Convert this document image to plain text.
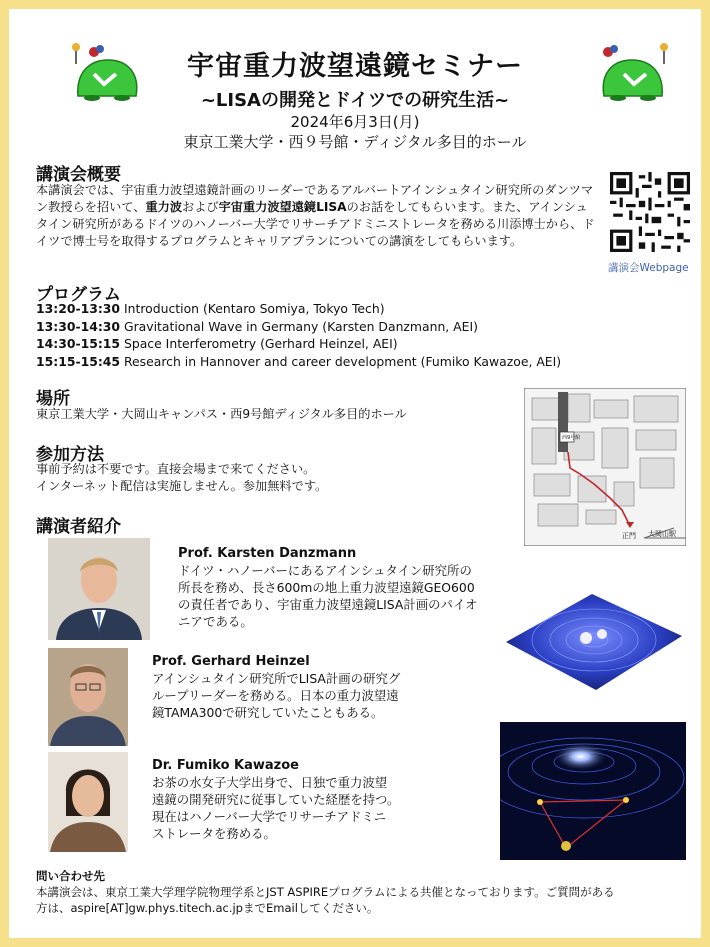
宇宙重力波望遠鏡セミナー
~LISAの開発とドイツでの研究生活~
2024年6月3日(月)
東京工業大学・西９号館・ディジタル多目的ホール
講演会概要
本講演会では、宇宙重力波望遠鏡計画のリーダーであるアルバートアインシュタイン研究所のダンツマン教授らを招いて、重力波および宇宙重力波望遠鏡LISAのお話をしてもらいます。また、アインシュタイン研究所があるドイツのハノーバー大学でリサーチアドミニストレータを務める川添博士から、ドイツで博士号を取得するプログラムとキャリアプランについての講演をしてもらいます。
講演会Webpage
プログラム
13:20-13:30 Introduction (Kentaro Somiya, Tokyo Tech)
13:30-14:30 Gravitational Wave in Germany (Karsten Danzmann, AEI)
14:30-15:15 Space Interferometry (Gerhard Heinzel, AEI)
15:15-15:45 Research in Hannover and career development (Fumiko Kawazoe, AEI)
場所
東京工業大学・大岡山キャンパス・西9号館ディジタル多目的ホール
西9号館
大岡山駅
正門
参加方法
事前予約は不要です。直接会場まで来てください。
インターネット配信は実施しません。参加無料です。
講演者紹介
Prof. Karsten Danzmann
ドイツ・ハノーバーにあるアインシュタイン研究所の
所長を務め、長さ600mの地上重力波望遠鏡GEO600
の責任者であり、宇宙重力波望遠鏡LISA計画のパイオ
ニアである。
Prof. Gerhard Heinzel
アインシュタイン研究所でLISA計画の研究グ
ループリーダーを務める。日本の重力波望遠
鏡TAMA300で研究していたこともある。
Dr. Fumiko Kawazoe
お茶の水女子大学出身で、日独で重力波望
遠鏡の開発研究に従事していた経歴を持つ。
現在はハノーバー大学でリサーチアドミニ
ストレータを務める。
問い合わせ先
本講演会は、東京工業大学理学院物理学系とJST ASPIREプログラムによる共催となっております。ご質問がある
方は、aspire[AT]gw.phys.titech.ac.jpまでEmailしてください。
